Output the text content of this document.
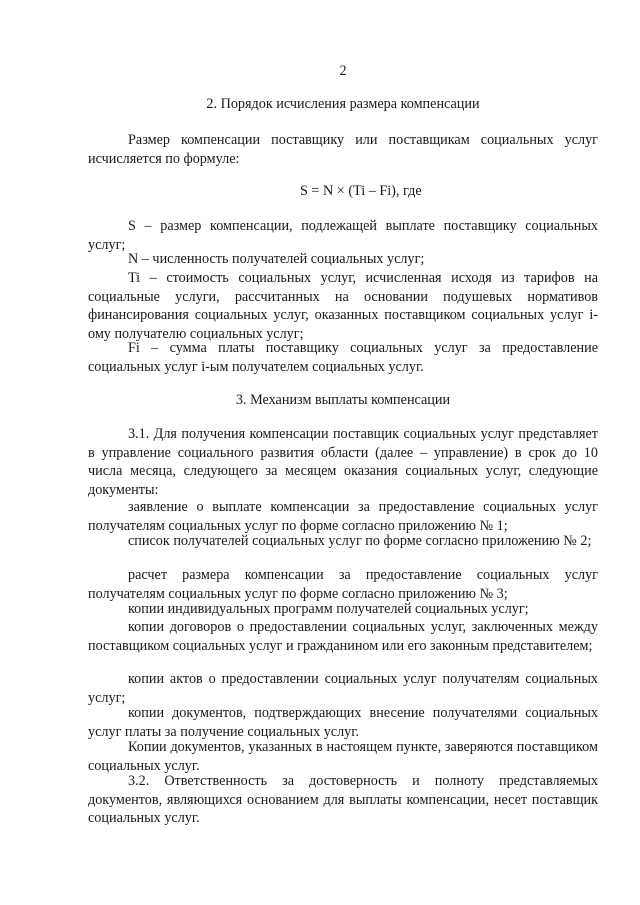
2
2. Порядок исчисления размера компенсации

Размер компенсации поставщику или поставщикам социальных услуг исчисляется по формуле:

S = N × (Ti – Fi), где

S – размер компенсации, подлежащей выплате поставщику социальных услуг;

N – численность получателей социальных услуг;

Ti – стоимость социальных услуг, исчисленная исходя из тарифов на социальные услуги, рассчитанных на основании подушевых нормативов финансирования социальных услуг, оказанных поставщиком социальных услуг i-ому получателю социальных услуг;

Fi – сумма платы поставщику социальных услуг за предоставление социальных услуг i-ым получателем социальных услуг.

3. Механизм выплаты компенсации

3.1. Для получения компенсации поставщик социальных услуг представляет в управление социального развития области (далее – управление) в срок до 10 числа месяца, следующего за месяцем оказания социальных услуг, следующие документы:

заявление о выплате компенсации за предоставление социальных услуг получателям социальных услуг по форме согласно приложению № 1;

список получателей социальных услуг по форме согласно приложению № 2;

расчет размера компенсации за предоставление социальных услуг получателям социальных услуг по форме согласно приложению № 3;

копии индивидуальных программ получателей социальных услуг;

копии договоров о предоставлении социальных услуг, заключенных между поставщиком социальных услуг и гражданином или его законным представителем;

копии актов о предоставлении социальных услуг получателям социальных услуг;

копии документов, подтверждающих внесение получателями социальных услуг платы за получение социальных услуг.

Копии документов, указанных в настоящем пункте, заверяются поставщиком социальных услуг.

3.2. Ответственность за достоверность и полноту представляемых документов, являющихся основанием для выплаты компенсации, несет поставщик социальных услуг.
